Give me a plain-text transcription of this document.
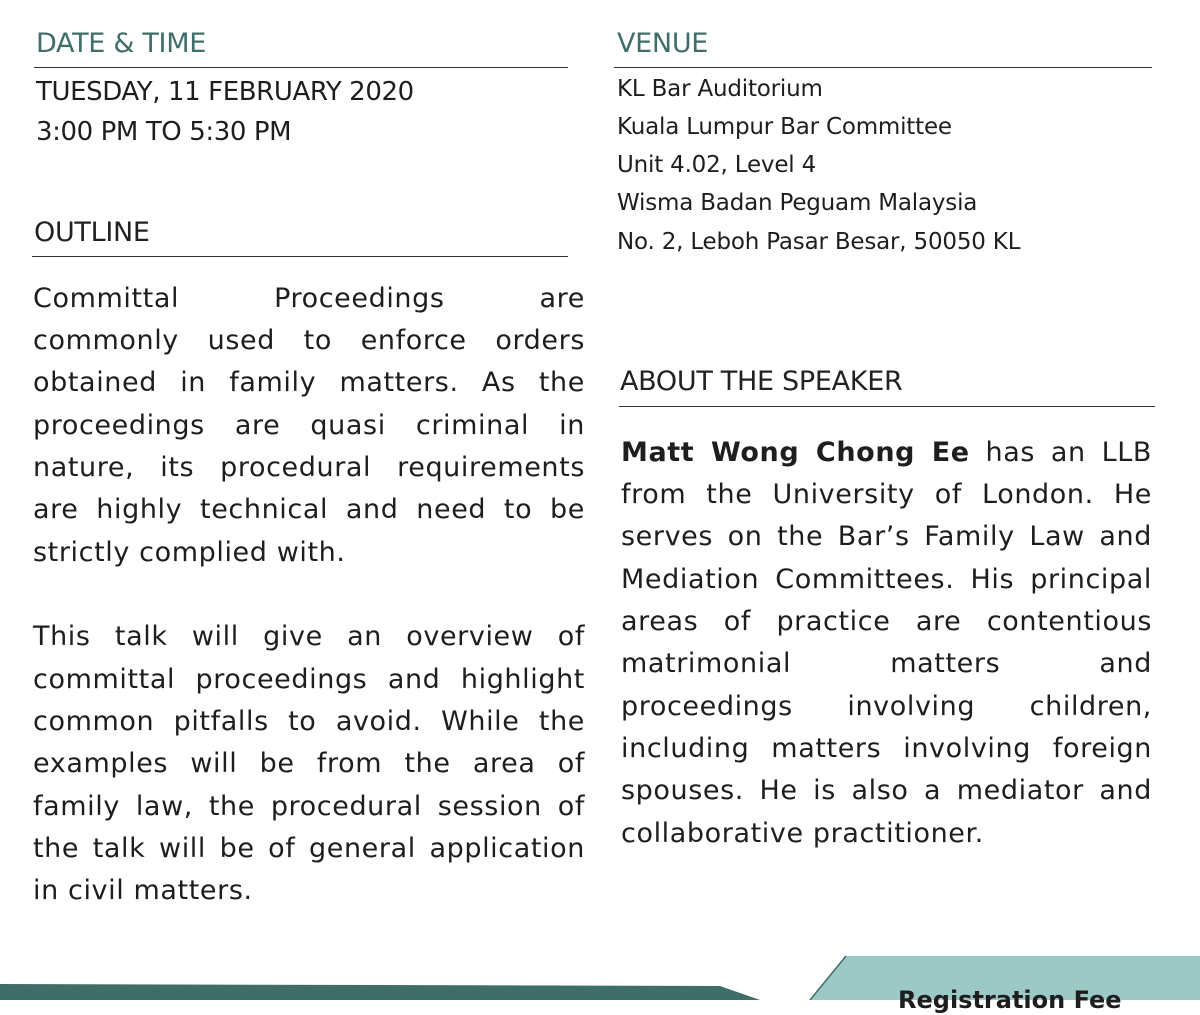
DATE & TIME
TUESDAY, 11 FEBRUARY 2020
3:00 PM TO 5:30 PM
VENUE
KL Bar Auditorium
Kuala Lumpur Bar Committee
Unit 4.02, Level 4
Wisma Badan Peguam Malaysia
No. 2, Leboh Pasar Besar, 50050 KL
OUTLINE

Committal Proceedings are

commonly used to enforce orders

obtained in family matters. As the

proceedings are quasi criminal in

nature, its procedural requirements

are highly technical and need to be

strictly complied with.

This talk will give an overview of

committal proceedings and highlight

common pitfalls to avoid. While the

examples will be from the area of

family law, the procedural session of

the talk will be of general application

in civil matters.

ABOUT THE SPEAKER

Matt Wong Chong Ee has an LLB

from the University of London. He

serves on the Bar’s Family Law and

Mediation Committees. His principal

areas of practice are contentious

matrimonial matters and

proceedings involving children,

including matters involving foreign

spouses. He is also a mediator and

collaborative practitioner.

Registration Fee
